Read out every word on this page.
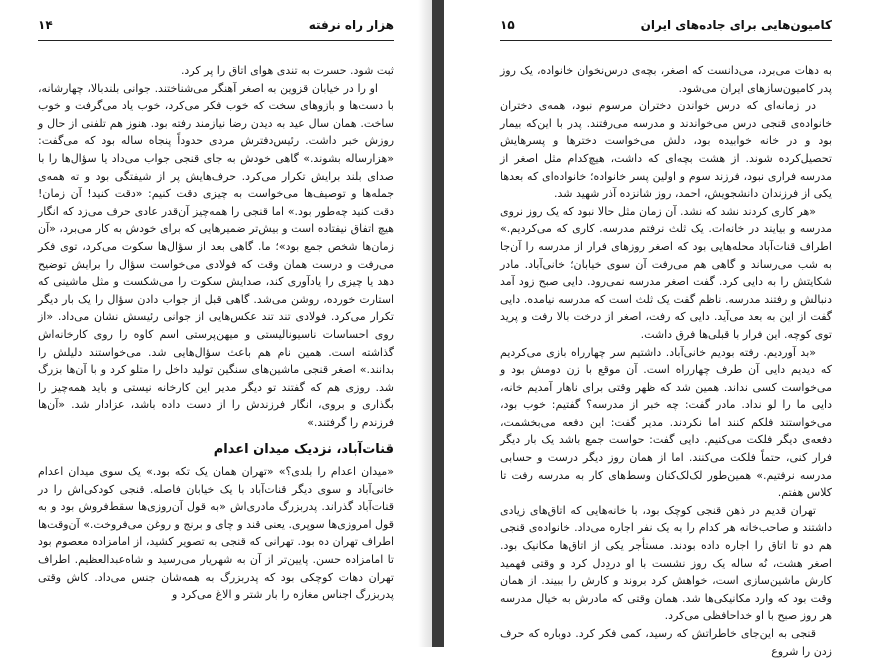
هزار راه نرفته
۱۴

ثبت شود. حسرت به تندی هوای اتاق را پر کرد.

او را در خیابان قزوین به اصغر آهنگر می‌شناختند. جوانی بلندبالا، چهارشانه، با دست‌ها و بازوهای سخت که خوب فکر می‌کرد، خوب یاد می‌گرفت و خوب ساخت. همان سال عید به دیدن رضا نیازمند رفته بود. هنوز هم تلفنی از حال و روزش خبر داشت. رئیس‌دفترش مردی حدوداً پنجاه ساله بود که می‌گفت: «هزارساله بشوند.» گاهی خودش به جای قنجی جواب می‌داد یا سؤال‌ها را با صدای بلند برایش تکرار می‌کرد. حرف‌هایش پر از شیفتگی بود و ته همه‌ی جمله‌ها و توصیف‌ها می‌خواست به چیزی دقت کنیم: «دقت کنید! آن زمان! دقت کنید چه‌طور بود.» اما قنجی را همه‌چیز آن‌قدر عادی حرف می‌زد که انگار هیچ اتفاق نیفتاده است و بیش‌تر ضمیرهایی که برای خودش به کار می‌برد، «آن زمان‌ها شخص جمع بود»؛ ما. گاهی بعد از سؤال‌ها سکوت می‌کرد، توی فکر می‌رفت و درست همان وقت که فولادی می‌خواست سؤال را برایش توضیح دهد یا چیزی را یادآوری کند، صدایش سکوت را می‌شکست و مثل ماشینی که استارت خورده، روشن می‌شد. گاهی قبل از جواب دادن سؤال را یک بار دیگر تکرار می‌کرد. فولادی تند تند عکس‌هایی از جوانی رئیسش نشان می‌داد. «از روی احساسات ناسیونالیستی و میهن‌پرستی اسم کاوه را روی کارخانه‌اش گذاشته است. همین نام هم باعث سؤال‌هایی شد. می‌خواستند دلیلش را بدانند.» اصغر قنجی ماشین‌های سنگین تولید داخل را متلو کرد و با آن‌ها بزرگ شد. روزی هم که گفتند تو دیگر مدیر این کارخانه نیستی و باید همه‌چیز را بگذاری و بروی، انگار فرزندش را از دست داده باشد، عزادار شد. «آن‌ها فرزندم را گرفتند.»

قنات‌آباد، نزدیک میدان اعدام

«میدان اعدام را بلدی؟» «تهران همان یک تکه بود.» یک سوی میدان اعدام خانی‌آباد و سوی دیگر قنات‌آباد با یک خیابان فاصله. قنجی کودکی‌اش را در قنات‌آباد گذراند. پدربزرگ مادری‌اش «به قول آن‌روزی‌ها سقط‌فروش بود و به قول امروزی‌ها سوپری. یعنی قند و چای و برنج و روغن می‌فروخت.» آن‌وقت‌ها اطراف تهران ده بود. تهرانی که قنجی به تصویر کشید، از امامزاده معصوم بود تا امامزاده حسن. پایین‌تر از آن به شهریار می‌رسید و شاه‌عبدالعظیم. اطراف تهران دهات کوچکی بود که پدربزرگ به همه‌شان جنس می‌داد. کاش وقتی پدربزرگ اجناس مغازه را بار شتر و الاغ می‌کرد و

کامیون‌هایی برای جاده‌های ایران
۱۵

به دهات می‌برد، می‌دانست که اصغر، بچه‌ی درس‌نخوان خانواده، یک روز پدر کامیون‌سازهای ایران می‌شود.

در زمانه‌ای که درس خواندن دختران مرسوم نبود، همه‌ی دختران خانواده‌ی قنجی درس می‌خواندند و مدرسه می‌رفتند. پدر با این‌که بیمار بود و در خانه خوابیده بود، دلش می‌خواست دخترها و پسرهایش تحصیل‌کرده شوند. از هشت بچه‌ای که داشت، هیچ‌کدام مثل اصغر از مدرسه فراری نبود، فرزند سوم و اولین پسر خانواده؛ خانواده‌ای که بعدها یکی از فرزندان دانشجویش، احمد، روز شانزده آذر شهید شد.

«هر کاری کردند نشد که نشد. آن زمان مثل حالا نبود که یک روز نروی مدرسه و بیایند در خانه‌ات. یک ثلث نرفتم مدرسه. کاری که می‌کردیم.» اطراف قنات‌آباد محله‌هایی بود که اصغر روزهای فرار از مدرسه را آن‌جا به شب می‌رساند و گاهی هم می‌رفت آن سوی خیابان؛ خانی‌آباد. مادر شکایتش را به دایی کرد. گفت اصغر مدرسه نمی‌رود. دایی صبح زود آمد دنبالش و رفتند مدرسه. ناظم گفت یک ثلث است که مدرسه نیامده. دایی گفت از این به بعد می‌آید. دایی که رفت، اصغر از درخت بالا رفت و پرید توی کوچه. این فرار با قبلی‌ها فرق داشت.

«بد آوردیم. رفته بودیم خانی‌آباد. داشتیم سر چهارراه بازی می‌کردیم که دیدیم دایی آن طرف چهارراه است. آن موقع با زن دومش بود و می‌خواست کسی نداند. همین شد که ظهر وقتی برای ناهار آمدیم خانه، دایی ما را لو نداد. مادر گفت: چه خبر از مدرسه؟ گفتیم: خوب بود، می‌خواستند فلکم کنند اما نکردند. مدیر گفت: این دفعه می‌بخشمت، دفعه‌ی دیگر فلکت می‌کنیم. دایی گفت: حواست جمع باشد یک بار دیگر فرار کنی، حتماً فلکت می‌کنند. اما از همان روز دیگر درست و حسابی مدرسه نرفتیم.» همین‌طور لک‌لک‌کنان وسط‌های کار به مدرسه رفت تا کلاس هفتم.

تهران قدیم در ذهن قنجی کوچک بود، با خانه‌هایی که اتاق‌های زیادی داشتند و صاحب‌خانه هر کدام را به یک نفر اجاره می‌داد. خانواده‌ی قنجی هم دو تا اتاق را اجاره داده بودند. مستأجر یکی از اتاق‌ها مکانیک بود. اصغر هشت، نُه ساله یک روز نشست با او دردِدل کرد و وقتی فهمید کارش ماشین‌سازی است، خواهش کرد بروند و کارش را ببیند. از همان وقت بود که وارد مکانیکی‌ها شد. همان وقتی که مادرش به خیال مدرسه هر روز صبح با او خداحافظی می‌کرد.

قنجی به این‌جای خاطراتش که رسید، کمی فکر کرد. دوباره که حرف زدن را شروع
